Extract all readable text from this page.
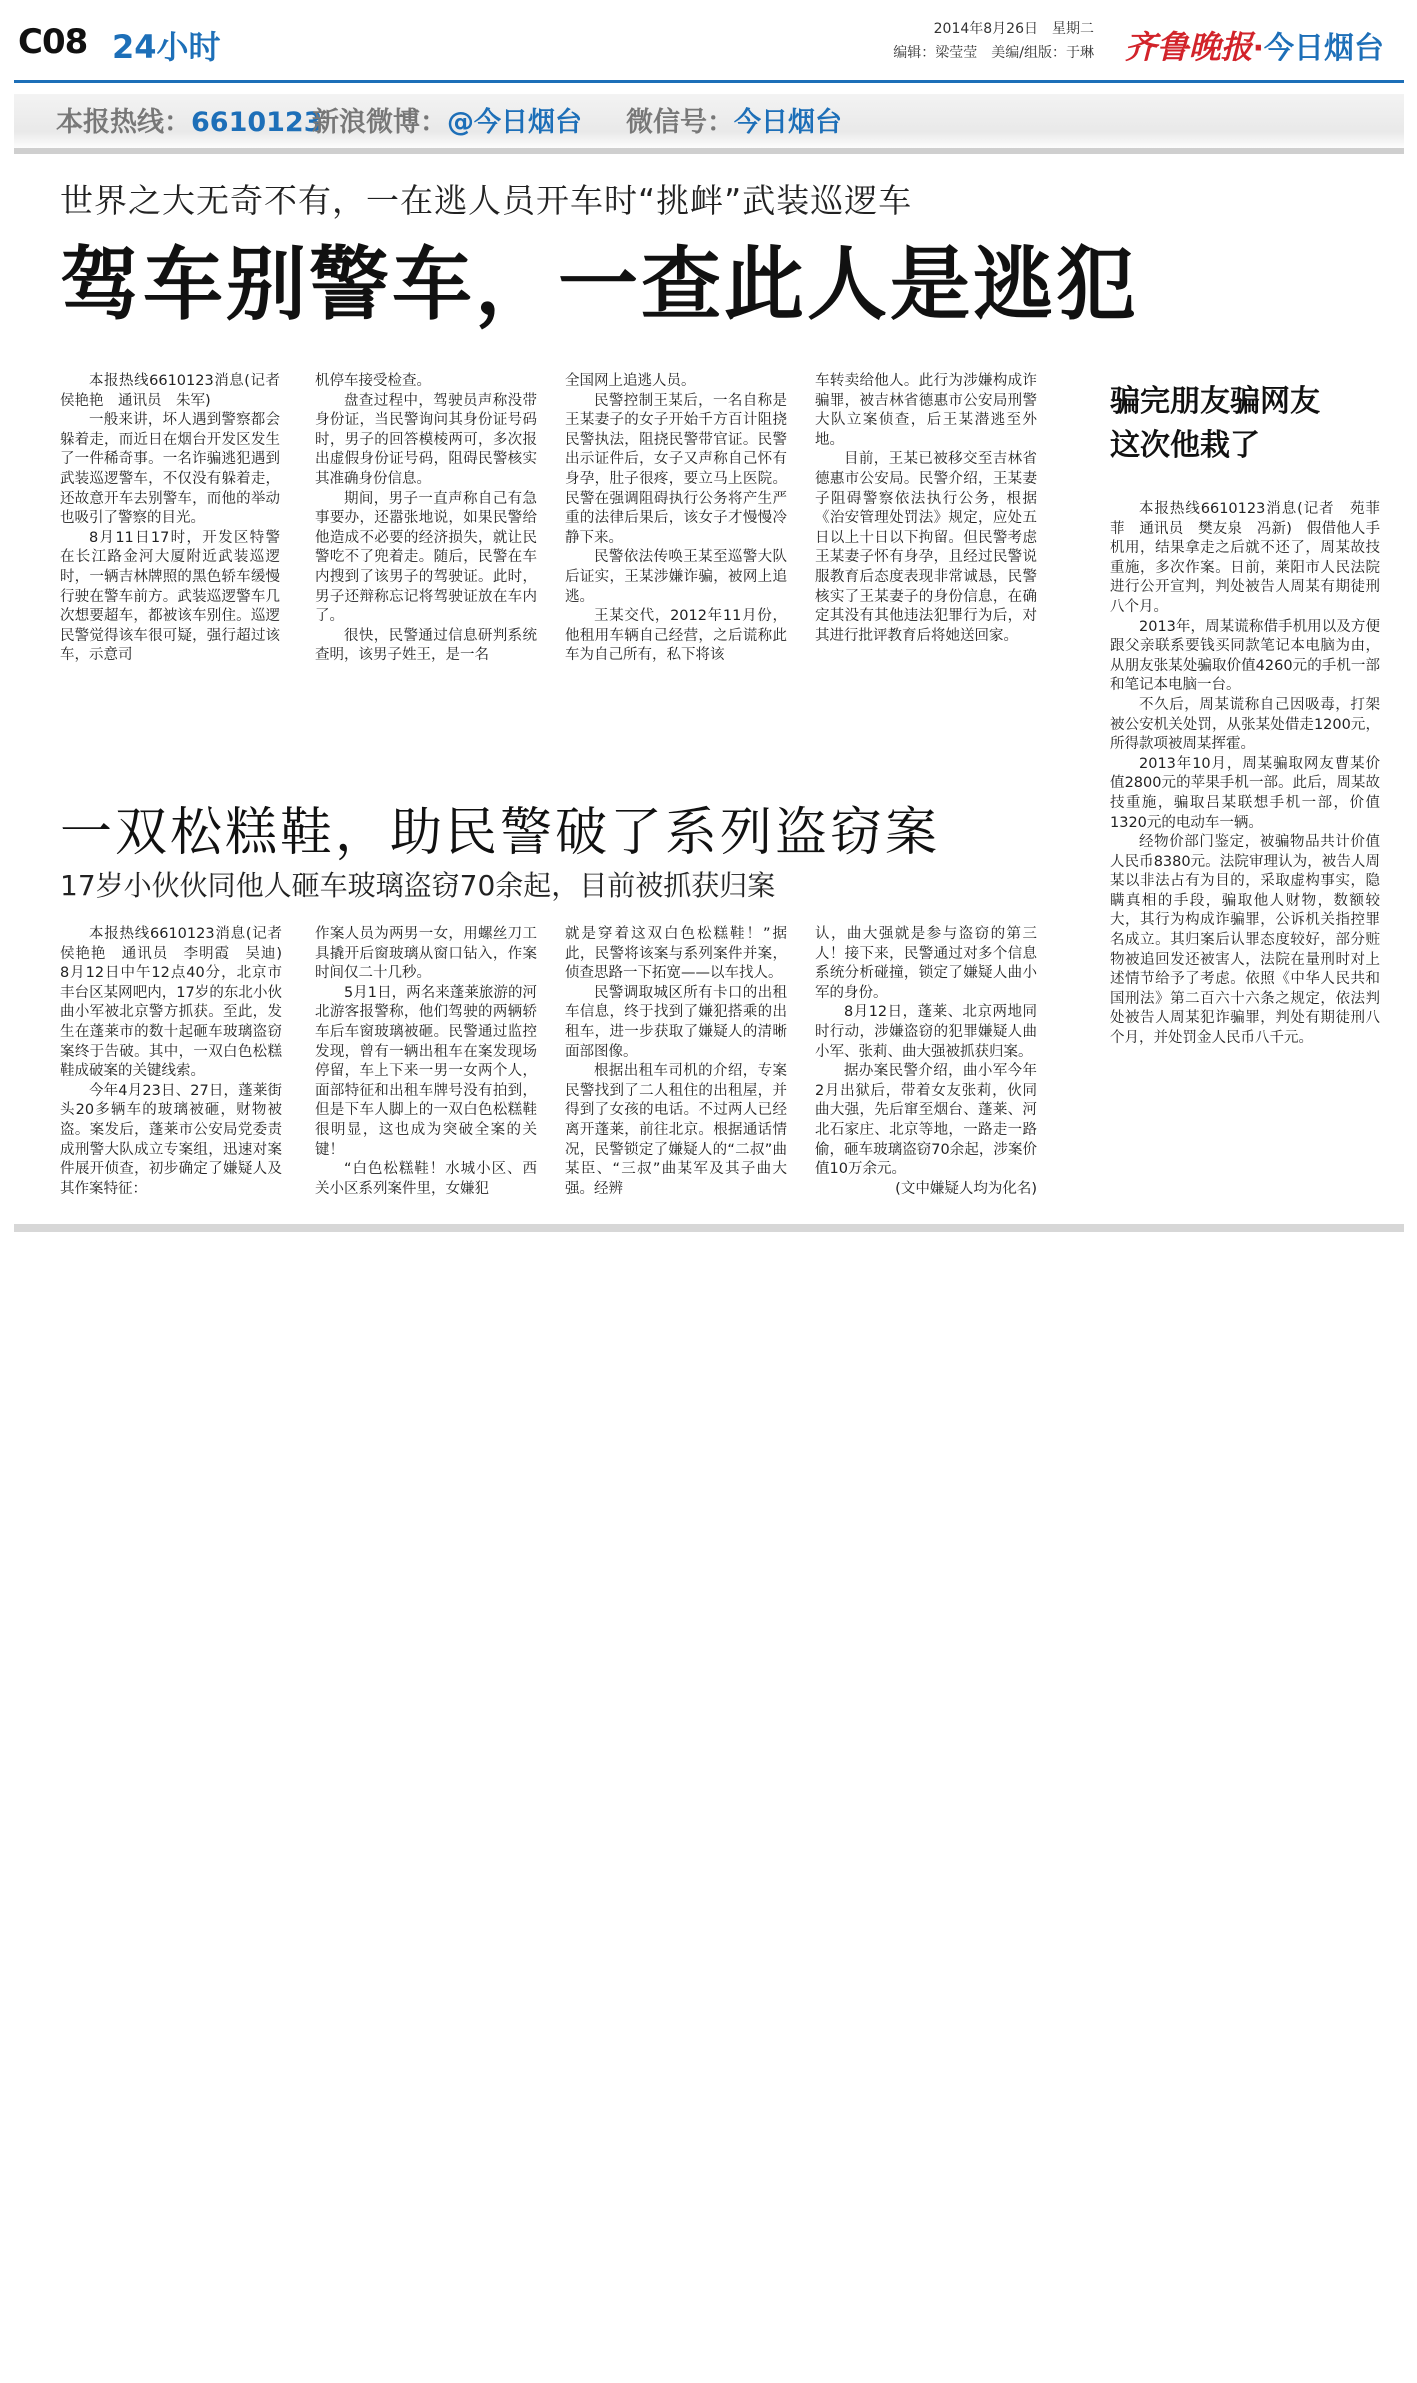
C08 24小时	2014年8月26日　星期二
编辑：梁莹莹　美编/组版：于琳 齐鲁晚报·今日烟台
本报热线：6610123
新浪微博：@今日烟台 微信号：今日烟台
世界之大无奇不有，一在逃人员开车时“挑衅”武装巡逻车
驾车别警车，一查此人是逃犯

本报热线6610123消息(记者　侯艳艳　通讯员　朱军)

一般来讲，坏人遇到警察都会躲着走，而近日在烟台开发区发生了一件稀奇事。一名诈骗逃犯遇到武装巡逻警车，不仅没有躲着走，还故意开车去别警车，而他的举动也吸引了警察的目光。

8月11日17时，开发区特警在长江路金河大厦附近武装巡逻时，一辆吉林牌照的黑色轿车缓慢行驶在警车前方。武装巡逻警车几次想要超车，都被该车别住。巡逻民警觉得该车很可疑，强行超过该车，示意司

机停车接受检查。

盘查过程中，驾驶员声称没带身份证，当民警询问其身份证号码时，男子的回答模棱两可，多次报出虚假身份证号码，阻碍民警核实其准确身份信息。

期间，男子一直声称自己有急事要办，还嚣张地说，如果民警给他造成不必要的经济损失，就让民警吃不了兜着走。随后，民警在车内搜到了该男子的驾驶证。此时，男子还辩称忘记将驾驶证放在车内了。

很快，民警通过信息研判系统查明，该男子姓王，是一名

全国网上追逃人员。

民警控制王某后，一名自称是王某妻子的女子开始千方百计阻挠民警执法，阻挠民警带官证。民警出示证件后，女子又声称自己怀有身孕，肚子很疼，要立马上医院。民警在强调阻碍执行公务将产生严重的法律后果后，该女子才慢慢冷静下来。

民警依法传唤王某至巡警大队后证实，王某涉嫌诈骗，被网上追逃。

王某交代，2012年11月份，他租用车辆自己经营，之后谎称此车为自己所有，私下将该

车转卖给他人。此行为涉嫌构成诈骗罪，被吉林省德惠市公安局刑警大队立案侦查，后王某潜逃至外地。

目前，王某已被移交至吉林省德惠市公安局。民警介绍，王某妻子阻碍警察依法执行公务，根据《治安管理处罚法》规定，应处五日以上十日以下拘留。但民警考虑王某妻子怀有身孕，且经过民警说服教育后态度表现非常诚恳，民警核实了王某妻子的身份信息，在确定其没有其他违法犯罪行为后，对其进行批评教育后将她送回家。

骗完朋友骗网友
这次他栽了

本报热线6610123消息(记者　苑菲菲　通讯员　樊友泉　冯新)　假借他人手机用，结果拿走之后就不还了，周某故技重施，多次作案。日前，莱阳市人民法院进行公开宣判，判处被告人周某有期徒刑八个月。

2013年，周某谎称借手机用以及方便跟父亲联系要钱买同款笔记本电脑为由，从朋友张某处骗取价值4260元的手机一部和笔记本电脑一台。

不久后，周某谎称自己因吸毒，打架被公安机关处罚，从张某处借走1200元，所得款项被周某挥霍。

2013年10月，周某骗取网友曹某价值2800元的苹果手机一部。此后，周某故技重施，骗取吕某联想手机一部，价值1320元的电动车一辆。

经物价部门鉴定，被骗物品共计价值人民币8380元。法院审理认为，被告人周某以非法占有为目的，采取虚构事实，隐瞒真相的手段，骗取他人财物，数额较大，其行为构成诈骗罪，公诉机关指控罪名成立。其归案后认罪态度较好，部分赃物被追回发还被害人，法院在量刑时对上述情节给予了考虑。依照《中华人民共和国刑法》第二百六十六条之规定，依法判处被告人周某犯诈骗罪，判处有期徒刑八个月，并处罚金人民币八千元。

一双松糕鞋，助民警破了系列盗窃案
17岁小伙伙同他人砸车玻璃盗窃70余起，目前被抓获归案

本报热线6610123消息(记者　侯艳艳　通讯员　李明霞　吴迪)　8月12日中午12点40分，北京市丰台区某网吧内，17岁的东北小伙曲小军被北京警方抓获。至此，发生在蓬莱市的数十起砸车玻璃盗窃案终于告破。其中，一双白色松糕鞋成破案的关键线索。

今年4月23日、27日，蓬莱街头20多辆车的玻璃被砸，财物被盗。案发后，蓬莱市公安局党委责成刑警大队成立专案组，迅速对案件展开侦查，初步确定了嫌疑人及其作案特征：

作案人员为两男一女，用螺丝刀工具撬开后窗玻璃从窗口钻入，作案时间仅二十几秒。

5月1日，两名来蓬莱旅游的河北游客报警称，他们驾驶的两辆轿车后车窗玻璃被砸。民警通过监控发现，曾有一辆出租车在案发现场停留，车上下来一男一女两个人，面部特征和出租车牌号没有拍到，但是下车人脚上的一双白色松糕鞋很明显，这也成为突破全案的关键！

“白色松糕鞋！水城小区、西关小区系列案件里，女嫌犯

就是穿着这双白色松糕鞋！”据此，民警将该案与系列案件并案，侦查思路一下拓宽——以车找人。

民警调取城区所有卡口的出租车信息，终于找到了嫌犯搭乘的出租车，进一步获取了嫌疑人的清晰面部图像。

根据出租车司机的介绍，专案民警找到了二人租住的出租屋，并得到了女孩的电话。不过两人已经离开蓬莱，前往北京。根据通话情况，民警锁定了嫌疑人的“二叔”曲某臣、“三叔”曲某军及其子曲大强。经辨

认，曲大强就是参与盗窃的第三人！接下来，民警通过对多个信息系统分析碰撞，锁定了嫌疑人曲小军的身份。

8月12日，蓬莱、北京两地同时行动，涉嫌盗窃的犯罪嫌疑人曲小军、张莉、曲大强被抓获归案。

据办案民警介绍，曲小军今年2月出狱后，带着女友张莉，伙同曲大强，先后窜至烟台、蓬莱、河北石家庄、北京等地，一路走一路偷，砸车玻璃盗窃70余起，涉案价值10万余元。

(文中嫌疑人均为化名)
